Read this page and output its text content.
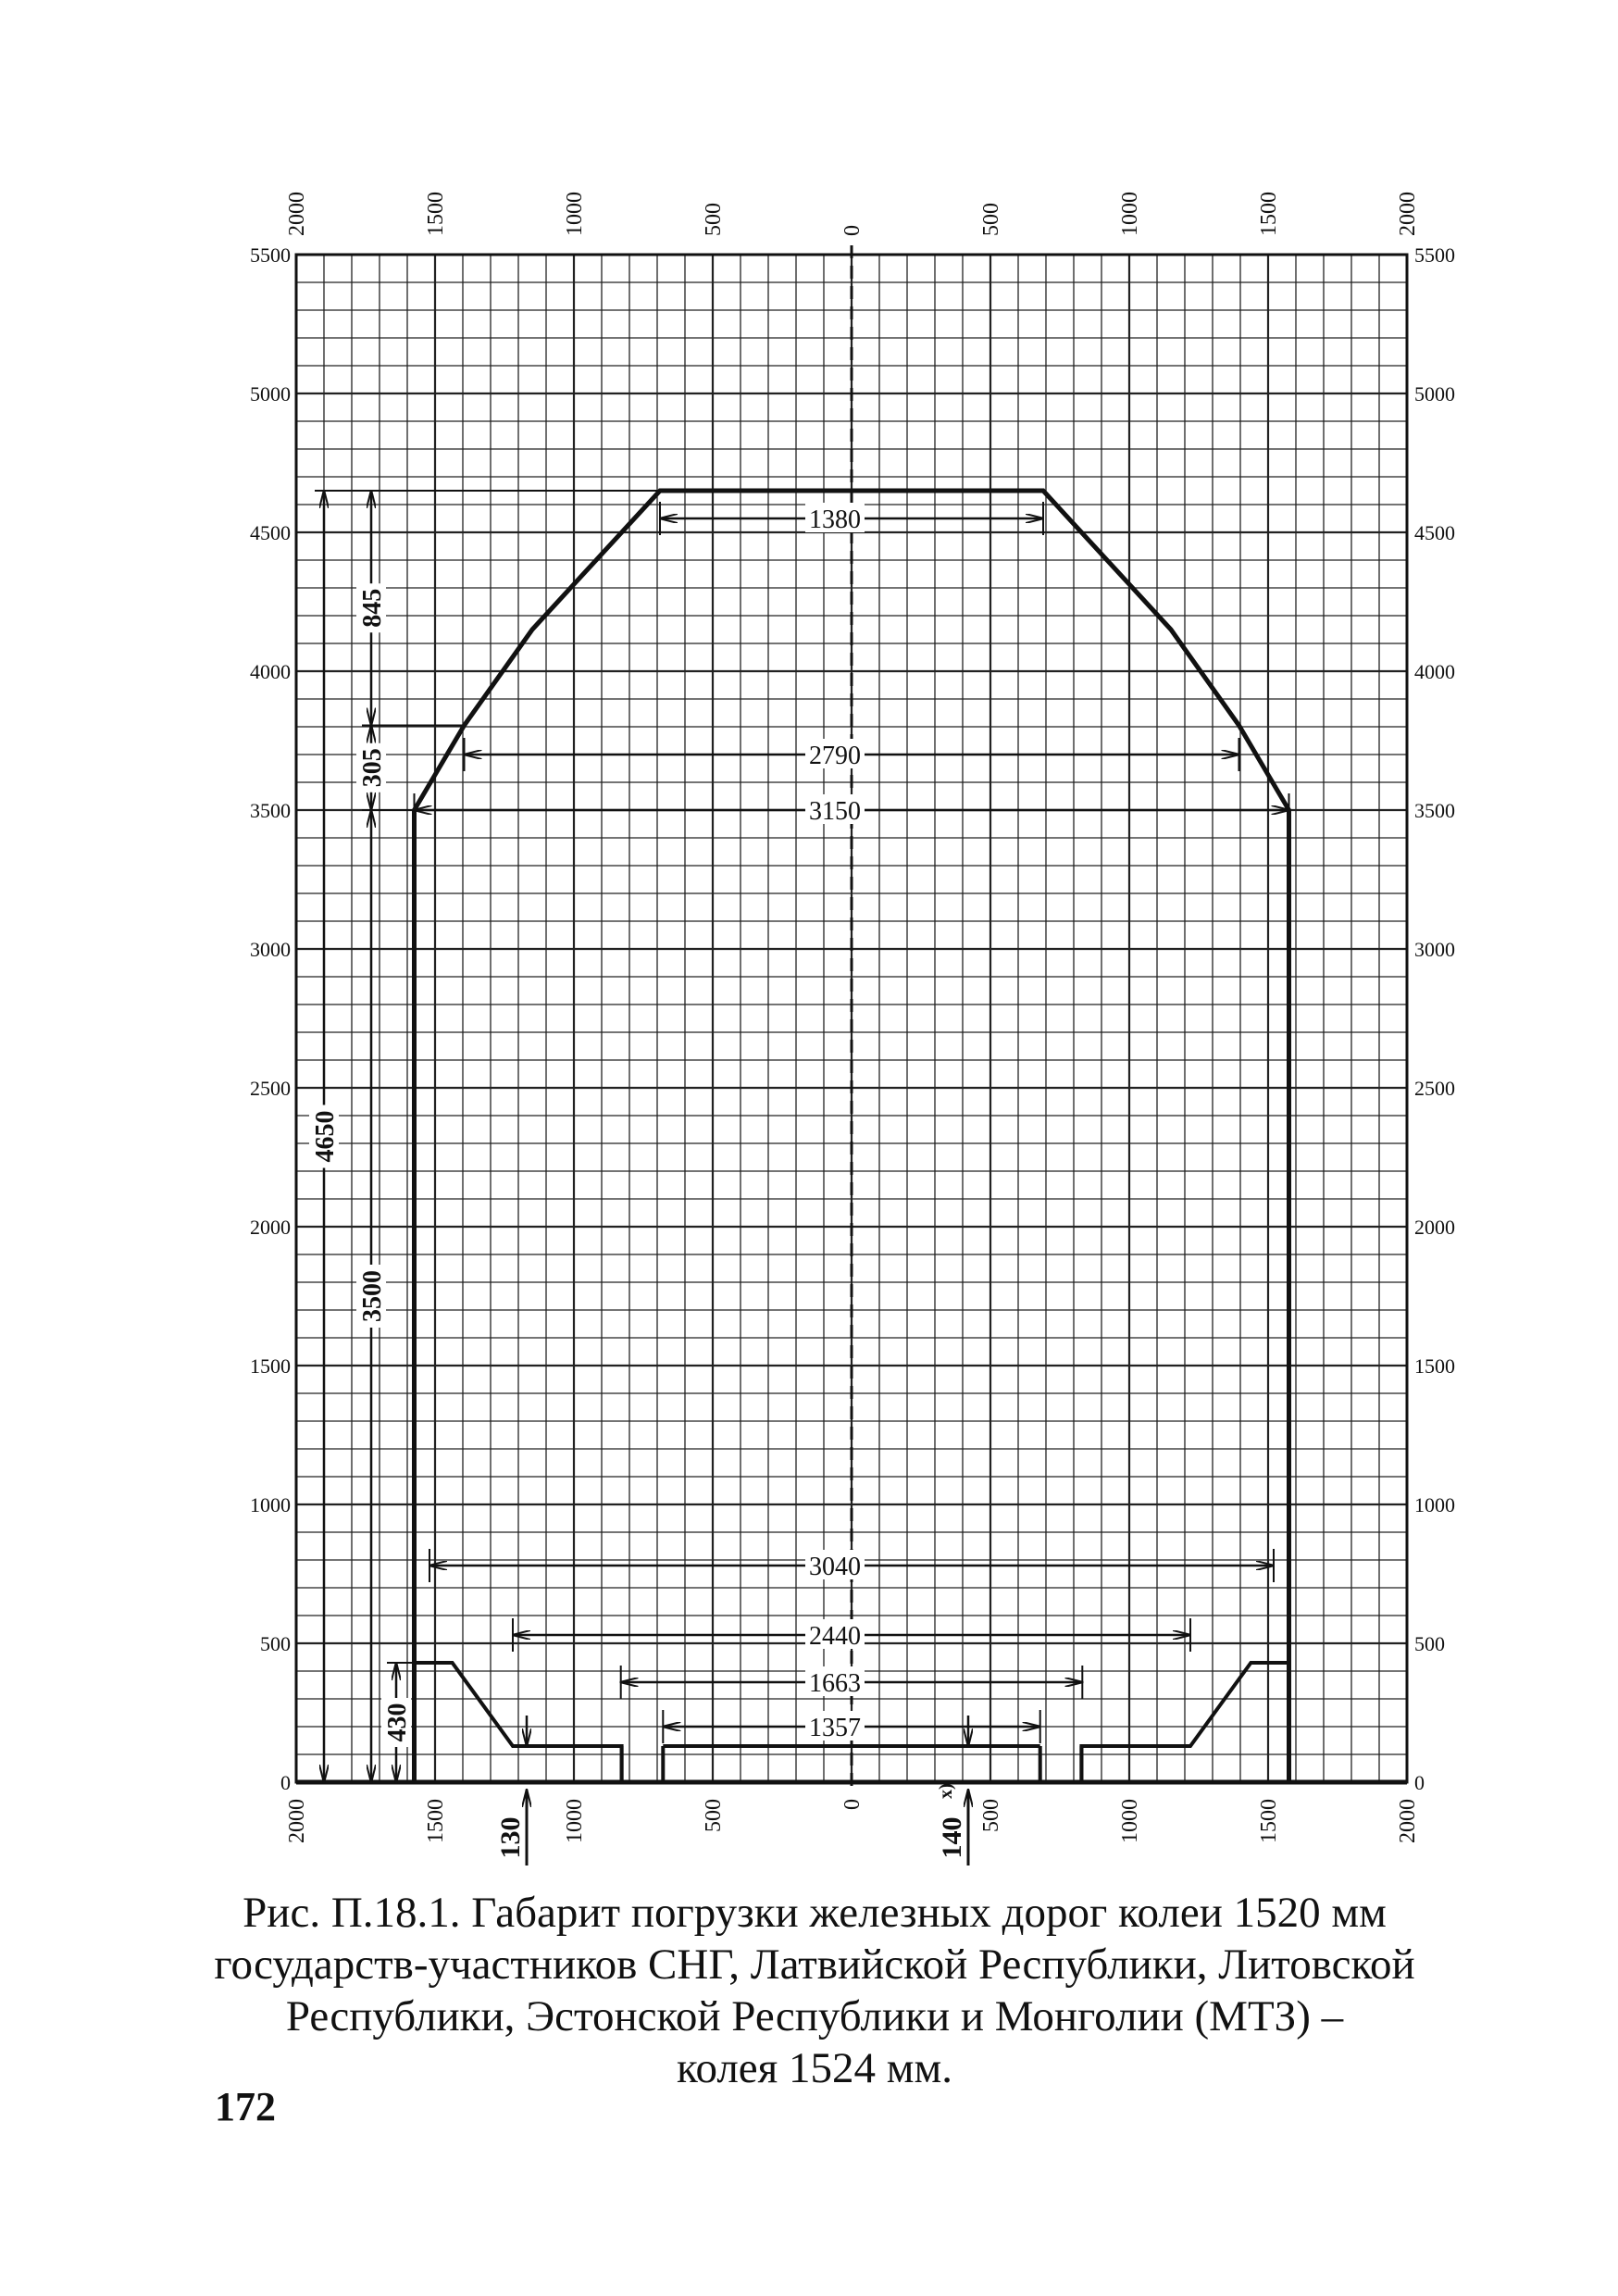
1380
2790
3150
3040
2440
1663
1357
4650
3500
305
845
430
130	140
x)
2000
2000
1500
1500
1000
1000
500
500
0
0
500
500
1000
1000
1500
1500
2000
2000
0	0
500	500
1000	1000
1500	1500
2000	2000
2500	2500
3000	3000
3500	3500
4000	4000
4500	4500
5000	5000
5500	5500
Рис. П.18.1. Габарит погрузки железных дорог колеи 1520 мм
государств-участников СНГ, Латвийской Республики, Литовской
Республики, Эстонской Республики и Монголии (МТЗ) –
колея 1524 мм.
172
